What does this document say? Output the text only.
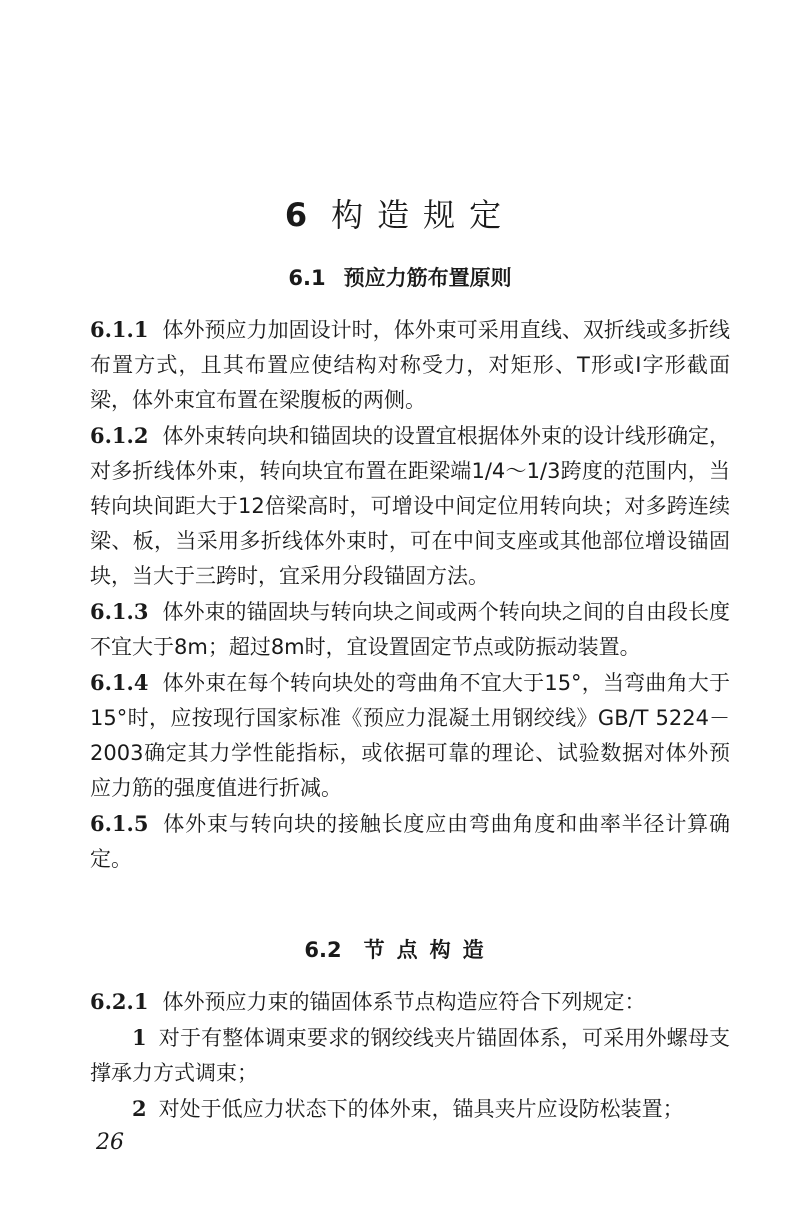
6 构造规定
6.1 预应力筋布置原则

6.1.1 体外预应力加固设计时，体外束可采用直线、双折线或多折线布置方式，且其布置应使结构对称受力，对矩形、T形或I字形截面梁，体外束宜布置在梁腹板的两侧。

6.1.2 体外束转向块和锚固块的设置宜根据体外束的设计线形确定，对多折线体外束，转向块宜布置在距梁端1/4～1/3跨度的范围内，当转向块间距大于12倍梁高时，可增设中间定位用转向块；对多跨连续梁、板，当采用多折线体外束时，可在中间支座或其他部位增设锚固块，当大于三跨时，宜采用分段锚固方法。

6.1.3 体外束的锚固块与转向块之间或两个转向块之间的自由段长度不宜大于8m；超过8m时，宜设置固定节点或防振动装置。

6.1.4 体外束在每个转向块处的弯曲角不宜大于15°，当弯曲角大于15°时，应按现行国家标准《预应力混凝土用钢绞线》GB/T 5224－2003确定其力学性能指标，或依据可靠的理论、试验数据对体外预应力筋的强度值进行折减。

6.1.5 体外束与转向块的接触长度应由弯曲角度和曲率半径计算确定。

6.2 节点构造

6.2.1 体外预应力束的锚固体系节点构造应符合下列规定：

1 对于有整体调束要求的钢绞线夹片锚固体系，可采用外螺母支撑承力方式调束；

2 对处于低应力状态下的体外束，锚具夹片应设防松装置；

26
